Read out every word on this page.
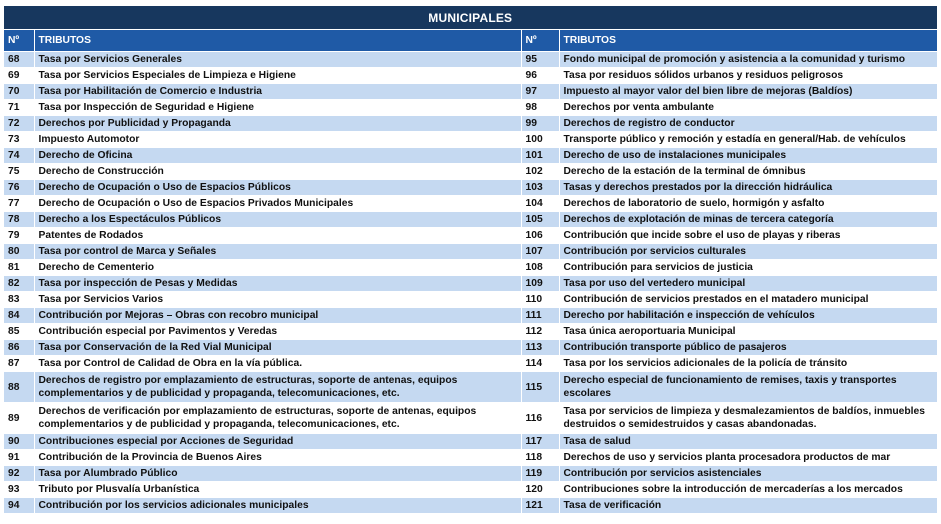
MUNICIPALES			
Nº	TRIBUTOS	Nº	TRIBUTOS
68	Tasa por Servicios Generales	95	Fondo municipal de promoción y asistencia a la comunidad y turismo
69	Tasa por Servicios Especiales de Limpieza e Higiene	96	Tasa por residuos sólidos urbanos y residuos peligrosos
70	Tasa por Habilitación de Comercio e Industria	97	Impuesto al mayor valor del bien libre de mejoras (Baldíos)
71	Tasa por Inspección de Seguridad e Higiene	98	Derechos por venta ambulante
72	Derechos por Publicidad y Propaganda	99	Derechos de registro de conductor
73	Impuesto Automotor	100	Transporte público y remoción y estadía en general/Hab. de vehículos
74	Derecho de Oficina	101	Derecho de uso de instalaciones municipales
75	Derecho de Construcción	102	Derecho de la estación de la terminal de ómnibus
76	Derecho de Ocupación o Uso de Espacios Públicos	103	Tasas y derechos prestados por la dirección hidráulica
77	Derecho de Ocupación o Uso de Espacios Privados Municipales	104	Derechos de laboratorio de suelo, hormigón y asfalto
78	Derecho a los Espectáculos Públicos	105	Derechos de explotación de minas de tercera categoría
79	Patentes de Rodados	106	Contribución que incide sobre el uso de playas y riberas
80	Tasa por control de Marca y Señales	107	Contribución por servicios culturales
81	Derecho de Cementerio	108	Contribución para servicios de justicia
82	Tasa por inspección de Pesas y Medidas	109	Tasa por uso del vertedero municipal
83	Tasa por Servicios Varios	110	Contribución de servicios prestados en el matadero municipal
84	Contribución por Mejoras – Obras con recobro municipal	111	Derecho por habilitación e inspección de vehículos
85	Contribución especial por Pavimentos y Veredas	112	Tasa única aeroportuaria Municipal
86	Tasa por Conservación de la Red Vial Municipal	113	Contribución transporte público de pasajeros
87	Tasa por Control de Calidad de Obra en la vía pública.	114	Tasa por los servicios adicionales de la policía de tránsito
88	Derechos de registro por emplazamiento de estructuras, soporte de antenas, equipos complementarios y de publicidad y propaganda, telecomunicaciones, etc.	115	Derecho especial de funcionamiento de remises, taxis y transportes escolares
89	Derechos de verificación por emplazamiento de estructuras, soporte de antenas, equipos complementarios y de publicidad y propaganda, telecomunicaciones, etc.	116	Tasa por servicios de limpieza y desmalezamientos de baldíos, inmuebles destruidos o semidestruidos y casas abandonadas.
90	Contribuciones especial por Acciones de Seguridad	117	Tasa de salud
91	Contribución de la Provincia de Buenos Aires	118	Derechos de uso y servicios planta procesadora productos de mar
92	Tasa por Alumbrado Público	119	Contribución por servicios asistenciales
93	Tributo por Plusvalía Urbanística	120	Contribuciones sobre la introducción de mercaderías a los mercados
94	Contribución por los servicios adicionales municipales	121	Tasa de verificación
